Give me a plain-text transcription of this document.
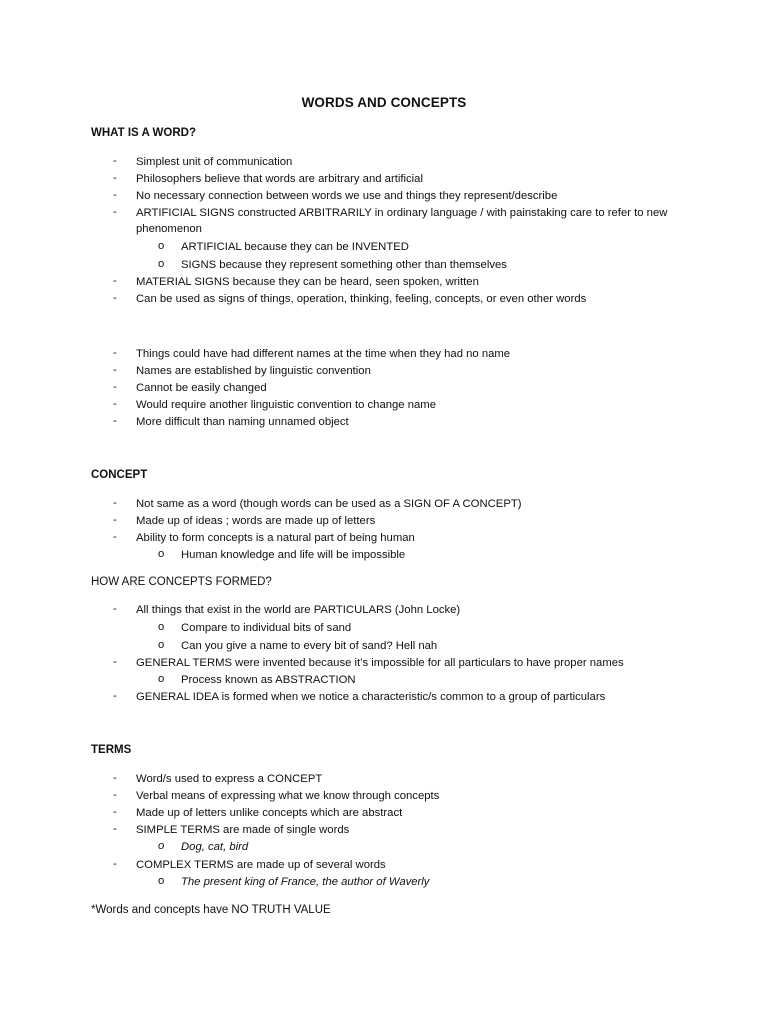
WORDS AND CONCEPTS
WHAT IS A WORD?
- Simplest unit of communication
- Philosophers believe that words are arbitrary and artificial
- No necessary connection between words we use and things they represent/describe
- ARTIFICIAL SIGNS constructed ARBITRARILY in ordinary language / with painstaking care to refer to new
phenomenon
o ARTIFICIAL because they can be INVENTED
o SIGNS because they represent something other than themselves
- MATERIAL SIGNS because they can be heard, seen spoken, written
- Can be used as signs of things, operation, thinking, feeling, concepts, or even other words
- Things could have had different names at the time when they had no name
- Names are established by linguistic convention
- Cannot be easily changed
- Would require another linguistic convention to change name
- More difficult than naming unnamed object
CONCEPT
- Not same as a word (though words can be used as a SIGN OF A CONCEPT)
- Made up of ideas ; words are made up of letters
- Ability to form concepts is a natural part of being human
o Human knowledge and life will be impossible
HOW ARE CONCEPTS FORMED?
- All things that exist in the world are PARTICULARS (John Locke)
o Compare to individual bits of sand
o Can you give a name to every bit of sand? Hell nah
- GENERAL TERMS were invented because it’s impossible for all particulars to have proper names
o Process known as ABSTRACTION
- GENERAL IDEA is formed when we notice a characteristic/s common to a group of particulars
TERMS
- Word/s used to express a CONCEPT
- Verbal means of expressing what we know through concepts
- Made up of letters unlike concepts which are abstract
- SIMPLE TERMS are made of single words
o Dog, cat, bird
- COMPLEX TERMS are made up of several words
o The present king of France, the author of Waverly
*Words and concepts have NO TRUTH VALUE
